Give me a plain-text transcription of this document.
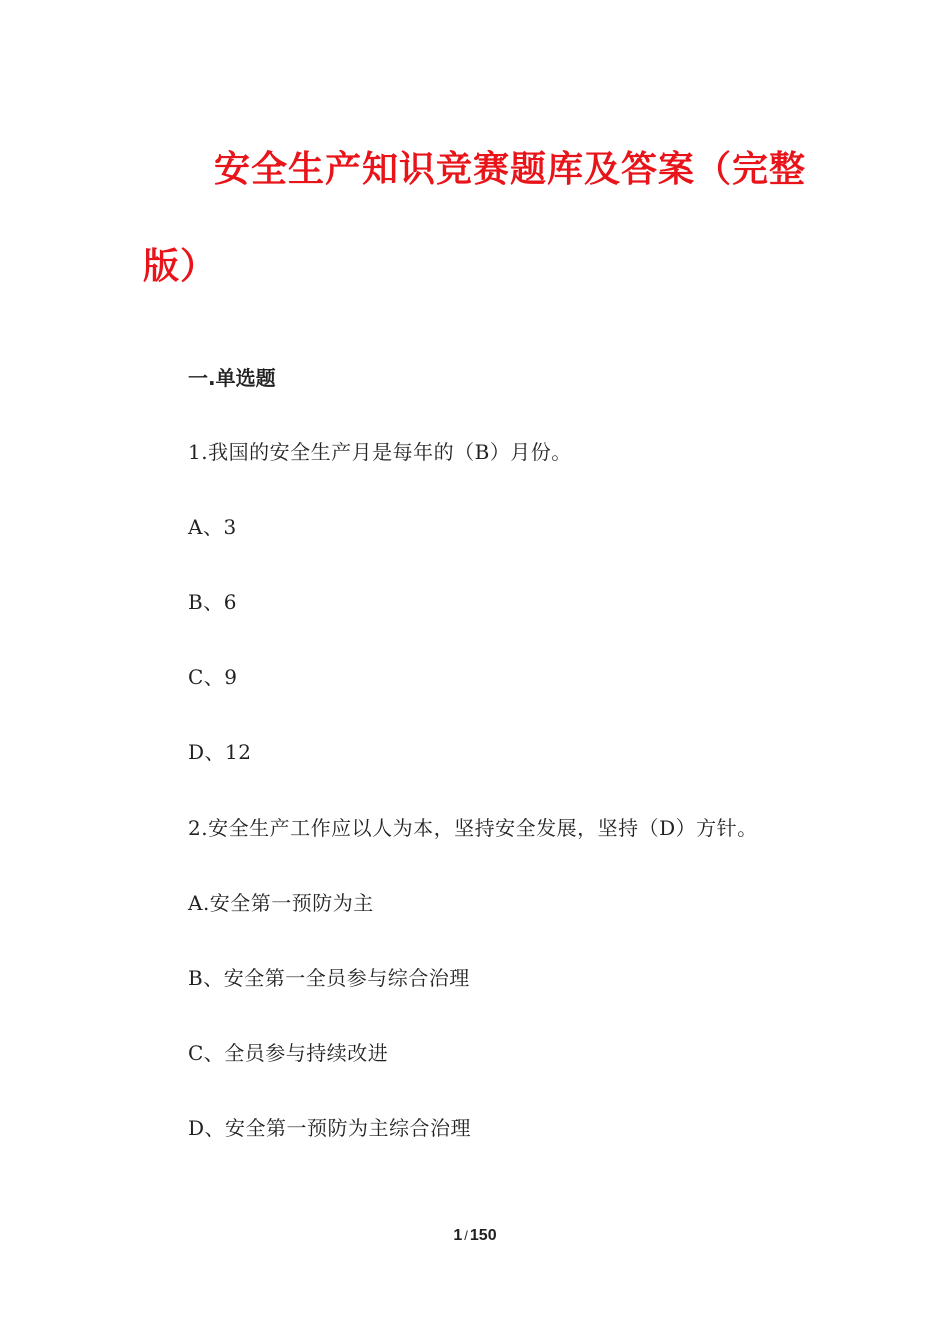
安全生产知识竞赛题库及答案（完整
版）
一.单选题
1.我国的安全生产月是每年的（B）月份。
A、3
B、6
C、9
D、12
2.安全生产工作应以人为本，坚持安全发展，坚持（D）方针。
A.安全第一预防为主
B、安全第一全员参与综合治理
C、全员参与持续改进
D、安全第一预防为主综合治理
1 / 150
